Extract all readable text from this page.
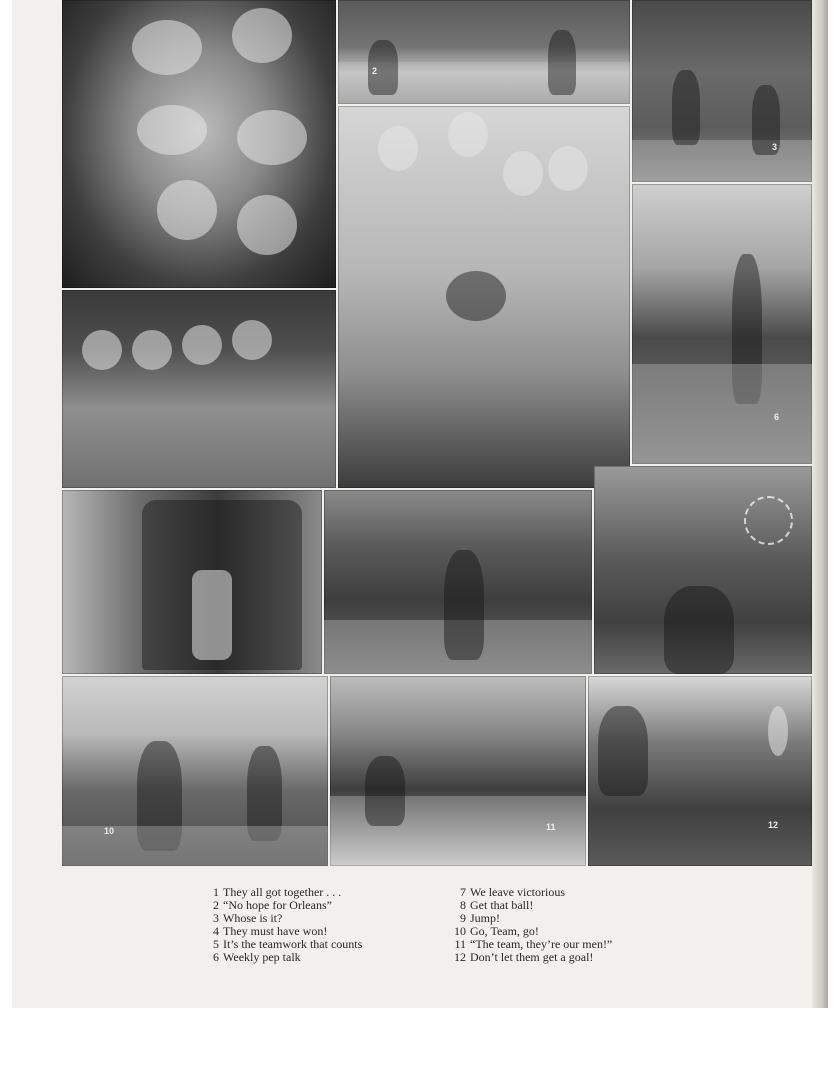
2
3
6
10	11	12
1 They all got together . . .
2 “No hope for Orleans”
3 Whose is it?
4 They must have won!
5 It’s the teamwork that counts
6 Weekly pep talk
7 We leave victorious
8 Get that ball!
9 Jump!
10 Go, Team, go!
11 “The team, they’re our men!”
12 Don’t let them get a goal!
